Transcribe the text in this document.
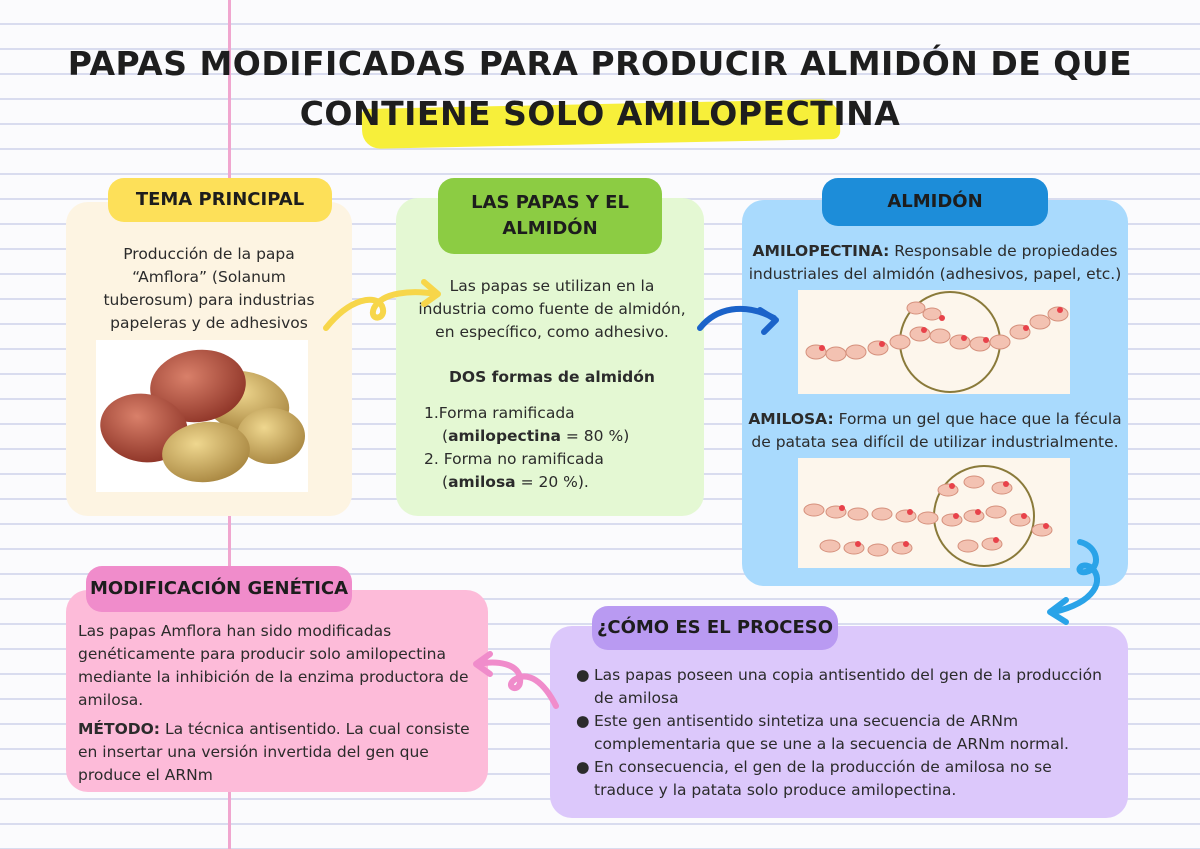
PAPAS MODIFICADAS PARA PRODUCIR ALMIDÓN DE QUE
CONTIENE SOLO AMILOPECTINA
TEMA PRINCIPAL
Producción de la papa “Amflora” (Solanum tuberosum) para industrias papeleras y de adhesivos
LAS PAPAS Y EL
ALMIDÓN
Las papas se utilizan en la industria como fuente de almidón, en específico, como adhesivo.
DOS formas de almidón
1.Forma ramificada
(amilopectina = 80 %)
2. Forma no ramificada
(amilosa = 20 %).
ALMIDÓN
AMILOPECTINA: Responsable de propiedades industriales del almidón (adhesivos, papel, etc.)
AMILOSA: Forma un gel que hace que la fécula de patata sea difícil de utilizar industrialmente.
MODIFICACIÓN GENÉTICA
Las papas Amflora han sido modificadas genéticamente para producir solo amilopectina mediante la inhibición de la enzima productora de amilosa.
MÉTODO: La técnica antisentido. La cual consiste en insertar una versión invertida del gen que produce el ARNm
¿CÓMO ES EL PROCESO
● Las papas poseen una copia antisentido del gen de la producción de amilosa
● Este gen antisentido sintetiza una secuencia de ARNm complementaria que se une a la secuencia de ARNm normal.
● En consecuencia, el gen de la producción de amilosa no se traduce y la patata solo produce amilopectina.
